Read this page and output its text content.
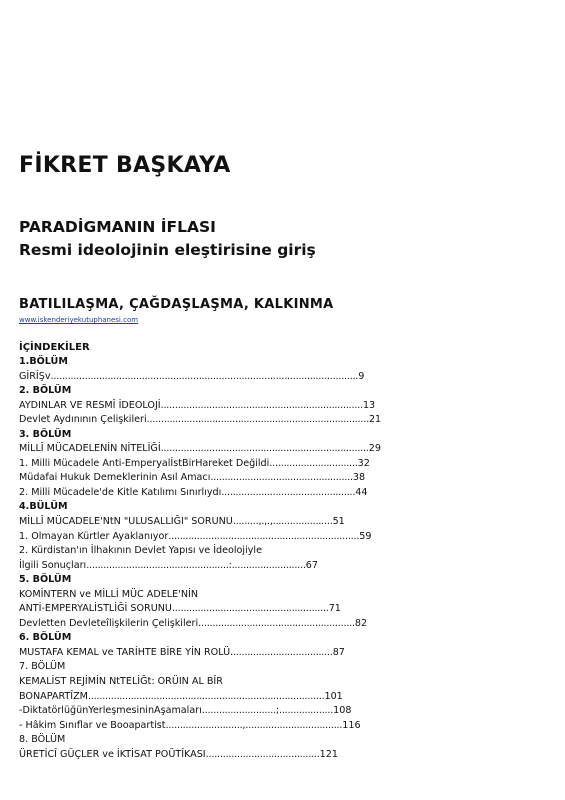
FİKRET BAŞKAYA
PARADİGMANIN İFLASI
Resmi ideolojinin eleştirisine giriş
BATILILAŞMA, ÇAĞDAŞLAŞMA, KALKINMA
www.iskenderiyekutuphanesi.com
İÇİNDEKİLER
1.BÖLÜM
GİRİŞv............................................................................................................9
2. BÖLÜM
AYDINLAR VE RESMÎ İDEOLOJİ.......................................................................13
Devlet Aydınının Çelişkileri..............................................................................21
3. BÖLÜM
MİLLÎ MÜCADELENİN NİTELİĞİ.........................................................................29
1. Milli Mücadele Anti-EmperyalİstBirHareket Değildi...............................32
Müdafai Hukuk Demeklerinin Asıl Amacı..................................................38
2. Milli Mücadele'de Kitle Katılımı Sınırlıydı...............................................44
4.BÜLÜM
MİLLÎ MÜCADELE'NtN "ULUSALLIĞI" SORUNU.........,.,.,.....................51
1. Olmayan Kürtler Ayaklanıyor...................................................................59
2. Kürdistan'ın İlhakının Devlet Yapısı ve İdeolojiyle
İlgili Sonuçları..................................................:..........................67
5. BÖLÜM
KOMİNTERN ve MİLLİ MÜC ADELE'NİN
ANTİ-EMPERYALİSTLİĞİ SORUNU.......................................................71
Devletten Devleteîlişkilerin Çelişkileri.......................................................82
6. BÖLÜM
MUSTAFA KEMAL ve TARİHTE BİRE YİN ROLÜ....................................87
7. BÖLÜM
KEMALİST REJİMİN NtTELİĞt: ORÜIN AL BÎR
BONAPARTÎZM...................................................................................101
-DiktatörlüğünYerleşmesininAşamaları..........................;...................108
- Hâkim Sınıflar ve Booapartist...........................,..................................116
8. BÖLÜM
ÜRETİCÎ GÜÇLER ve İKTİSAT POÜTÎKASI........................................121
